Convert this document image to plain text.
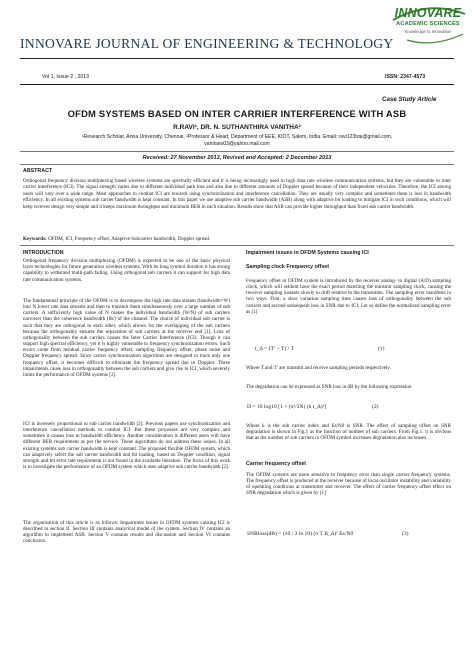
INNOVARE
ACADEMIC SCIENCES
Knowledge to Innovation
INNOVARE JOURNAL OF ENGINEERING & TECHNOLOGY
Vol 1, Issue 2 , 2013	ISSN: 2347-4573
Case Study Article
OFDM SYSTEMS BASED ON INTER CARRIER INTERFERENCE WITH ASB
R.RAVI¹, DR. N. SUTHANTHIRA VANITHA²
¹Research Scholar, Anna University, Chennai, ²Professor & Head, Department of EEE, KIOT, Salem, India. Email: ravi123trai@gmail.com,
vanitaes03@yahoo.mail.com
Received: 27 November 2013, Revised and Accepted: 2 December 2013
ABSTRACT

Orthogonal frequency division multiplexing based wireless systems are spectrally efficient and it is being increasingly used in high data rate wireless communication systems, but they are vulnerable to inter carrier interference (ICI). The signal strength varies due to different individual path loss and also due to different amounts of Doppler spread because of their independent velocities. Therefore, the ICI among users will vary over a wide range. Most approaches to combat ICI are towards using synchronization and interference cancellation. They are usually very complex and sometimes there is loss in bandwidth efficiency. In all existing systems sub carrier bandwidth is kept constant. In this paper we use adaptive sub carrier bandwidth (ASB) along with adaptive bit loading to mitigate ICI in such conditions, which will keep receiver design very simple and it keeps maximum throughput and minimum BER in each situation. Results show that ASB can provide higher throughput than fixed sub carrier bandwidth.

Keywords: OFDM, ICI, Frequency offset, Adaptive Subcarrier bandwidth, Doppler spread.
INTRODUCTION

Orthogonal frequency division multiplexing (OFDM) is expected to be one of the basic physical layer technologies for future generation wireless systems. With its long symbol duration it has strong capability to withstand multi-path fading. Using orthogonal sub carriers it can support for high data rate communication systems.

The fundamental principle of the OFDM is to decompose the high rate data stream (bandwidth=W) into N lower rate data streams and then to transmit them simultaneously over a large number of sub carriers. A sufficiently high value of N makes the individual bandwidth (W/N) of sub carriers narrower than the coherence bandwidth (Bc) of the channel. The choice of individual sub carrier is such that they are orthogonal to each other, which allows for the overlapping of the sub carriers because the orthogonality ensures the separation of sub carriers at the receiver end [1]. Loss of orthogonality between the sub carriers causes the Inter Carrier Interference (ICI). Though it can support high spectral efficiency, yet it is highly vulnerable to frequency synchronization errors. Such errors come from residual carrier frequency offset, sampling frequency offset, phase noise and Doppler frequency spread. Since carrier synchronization algorithms are designed to track only one frequency offset, it becomes difficult to eliminate the frequency spread due to Doppler. These impairments cause loss in orthogonality between the sub carriers and give rise to ICI, which severely limits the performance of OFDM systems [2].

ICI is inversely proportional to sub carrier bandwidth [2]. Previous papers use synchronization and interference cancellation methods to combat ICI. But these processes are very complex and sometimes it causes loss in bandwidth efficiency. Another consideration is different users will have different BER requirement as per the service. These algorithms do not address these issues. In all existing systems sub carrier bandwidth is kept constant. The proposed flexible OFDM system, which can adaptively select the sub carrier bandwidth and bit loading, based on Doppler condition, signal strength and bit error rate requirement is not found in the available literature. The focus of this work is to investigate the performance of an OFDM system which uses adaptive sub carrier bandwidth [2].

The organization of this article is as follows: Impairment issues in OFDM systems causing ICI is described in section II. Section III contains analytical model of the system. Section IV contains an algorithm to implement ASB. Section V contains results and discussion and Section VI contains conclusion.

Impairment issues in OFDM Systems causing ICI
Sampling clock Frequency offset

Frequency offset in OFDM system is introduced by the receiver analog- to digital (A/D) sampling clock, which will seldom have the exact period matching the transmit sampling clock, causing the receiver sampling instants slowly to drift relative to the transmitter. The sampling error manifests in two ways. First, a slow variation sampling time causes loss of orthogonality between the sub carriers and second subsequent loss in SNR due to ICI. Let us define the normalized sampling error as [1]

t_Δ = (T′ − T) / T	(1)

Where T and T′ are transmit and receive sampling periods respectively.

The degradation can be expressed as SNR loss in dB by the following expression

D = 10 log10 [1 + (π²/3N) (k t_Δ)²]	(2)

Where k is the sub carrier index and Es/N0 is SNR. The effect of sampling offset on SNR degradation is shown in Fig.1 as the function of number of sub carriers. From Fig.1. it is obvious that as the number of sub carriers in OFDM symbol increases degradation also increases.

Carrier frequency offset

The OFDM systems are more sensitive to frequency error than single carrier frequency systems. The frequency offset is produced at the receiver because of local oscillator instability and variability of operating conditions at transmitter and receiver. The effect of carrier frequency offset effect on SNR degradation which is given by [1]

SNRloss(dB) = (10 / 3 ln 10) (π T B_Δ)² Es/N0	(3)
